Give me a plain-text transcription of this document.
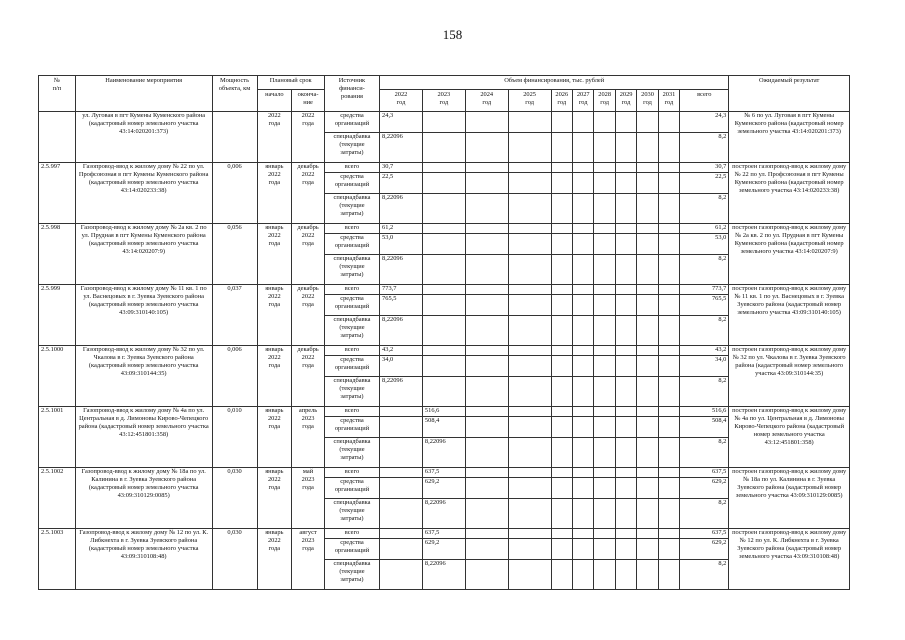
158
№
п/п	Наименование мероприятия	Мощность объекта, км	Плановый срок		Источник финанси-
рования	Объем финансирования, тыс. рублей											Ожидаемый результат
			начало	оконча-
ние		2022
год	2023
год	2024
год	2025
год	2026
год	2027
год	2028
год	2029
год	2030
год	2031
год	всего	
	ул. Луговая в пгт Кумены Куменского района (кадастровый номер земельного участка 43:14:020201:373)		2022
года	2022
года	средства
организаций	24,3										24,3	№ 6 по ул. Луговая в пгт Кумены Куменского района (кадастровый номер земельного участка 43:14:020201:373)
					спецнадбавка
(текущие
затраты)	8,22096										8,2	
2.5.997	Газопровод-ввод к жилому дому № 22 по ул. Профсоюзная в пгт Кумены Куменского района (кадастровый номер земельного участка 43:14:020233:38)	0,006	январь
2022
года	декабрь
2022
года	всего	30,7										30,7	построен газопровод-ввод к жилому дому № 22 по ул. Профсоюзная в пгт Кумены Куменского района (кадастровый номер земельного участка 43:14:020233:38)
					средства
организаций	22,5										22,5	
					спецнадбавка
(текущие
затраты)	8,22096										8,2	
2.5.998	Газопровод-ввод к жилому дому № 2а кв. 2 по ул. Прудная в пгт Кумены Куменского района (кадастровый номер земельного участка 43:14:020207:9)	0,056	январь
2022
года	декабрь
2022
года	всего	61,2										61,2	построен газопровод-ввод к жилому дому № 2а кв. 2 по ул. Прудная в пгт Кумены Куменского района (кадастровый номер земельного участка 43:14:020207:9)
					средства
организаций	53,0										53,0	
					спецнадбавка
(текущие
затраты)	8,22096										8,2	
2.5.999	Газопровод-ввод к жилому дому № 11 кв. 1 по ул. Васнецовых в г. Зуевка Зуевского района (кадастровый номер земельного участка 43:09:310140:105)	0,037	январь
2022
года	декабрь
2022
года	всего	773,7										773,7	построен газопровод-ввод к жилому дому № 11 кв. 1 по ул. Васнецовых в г. Зуевка Зуевского района (кадастровый номер земельного участка 43:09:310140:105)
					средства
организаций	765,5										765,5	
					спецнадбавка
(текущие
затраты)	8,22096										8,2	
2.5.1000	Газопровод-ввод к жилому дому № 32 по ул. Чкалова в г. Зуевка Зуевского района (кадастровый номер земельного участка 43:09:310144:35)	0,006	январь
2022
года	декабрь
2022
года	всего	43,2										43,2	построен газопровод-ввод к жилому дому № 32 по ул. Чкалова в г. Зуевка Зуевского района (кадастровый номер земельного участка 43:09:310144:35)
					средства
организаций	34,0										34,0	
					спецнадбавка
(текущие
затраты)	8,22096										8,2	
2.5.1001	Газопровод-ввод к жилому дому № 4а по ул. Центральная в д. Лимоновы Кирово-Чепецкого района (кадастровый номер земельного участка 43:12:451801:358)	0,010	январь
2022
года	апрель
2023
года	всего		516,6									516,6	построен газопровод-ввод к жилому дому № 4а по ул. Центральная в д. Лимоновы Кирово-Чепецкого района (кадастровый номер земельного участка 43:12:451801:358)
					средства
организаций		508,4									508,4	
					спецнадбавка
(текущие
затраты)		8,22096									8,2	
2.5.1002	Газопровод-ввод к жилому дому № 18а по ул. Калинина в г. Зуевка Зуевского района (кадастровый номер земельного участка 43:09:310129:0085)	0,030	январь
2022
года	май
2023
года	всего		637,5									637,5	построен газопровод-ввод к жилому дому № 18а по ул. Калинина в г. Зуевка Зуевского района (кадастровый номер земельного участка 43:09:310129:0085)
					средства
организаций		629,2									629,2	
					спецнадбавка
(текущие
затраты)		8,22096									8,2	
2.5.1003	Газопровод-ввод к жилому дому № 12 по ул. К. Либкнехта в г. Зуевка Зуевского района (кадастровый номер земельного участка 43:09:310108:48)	0,030	январь
2022
года	август
2023
года	всего		637,5									637,5	построен газопровод-ввод к жилому дому № 12 по ул. К. Либкнехта в г. Зуевка Зуевского района (кадастровый номер земельного участка 43:09:310108:48)
					средства
организаций		629,2									629,2	
					спецнадбавка
(текущие
затраты)		8,22096									8,2	
